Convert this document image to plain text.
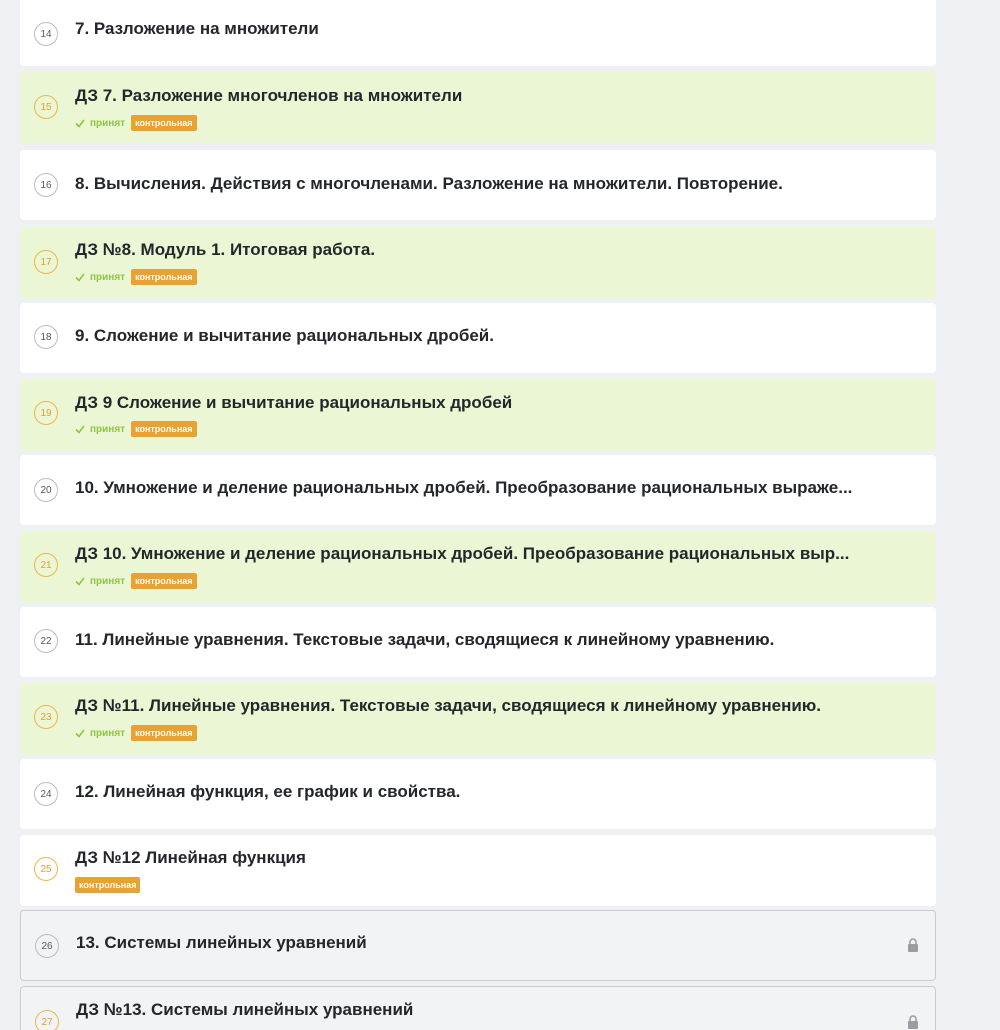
14	7. Разложение на множители
15
ДЗ 7. Разложение многочленов на множители
принят	контрольная
16	8. Вычисления. Действия с многочленами. Разложение на множители. Повторение.
17
ДЗ №8. Модуль 1. Итоговая работа.
принят	контрольная
18	9. Сложение и вычитание рациональных дробей.
19
ДЗ 9 Сложение и вычитание рациональных дробей
принят	контрольная
20	10. Умножение и деление рациональных дробей. Преобразование рациональных выраже...
21
ДЗ 10. Умножение и деление рациональных дробей. Преобразование рациональных выр...
принят	контрольная
22	11. Линейные уравнения. Текстовые задачи, сводящиеся к линейному уравнению.
23
ДЗ №11. Линейные уравнения. Текстовые задачи, сводящиеся к линейному уравнению.
принят	контрольная
24	12. Линейная функция, ее график и свойства.
25
ДЗ №12 Линейная функция
контрольная
26	13. Системы линейных уравнений
27
ДЗ №13. Системы линейных уравнений
